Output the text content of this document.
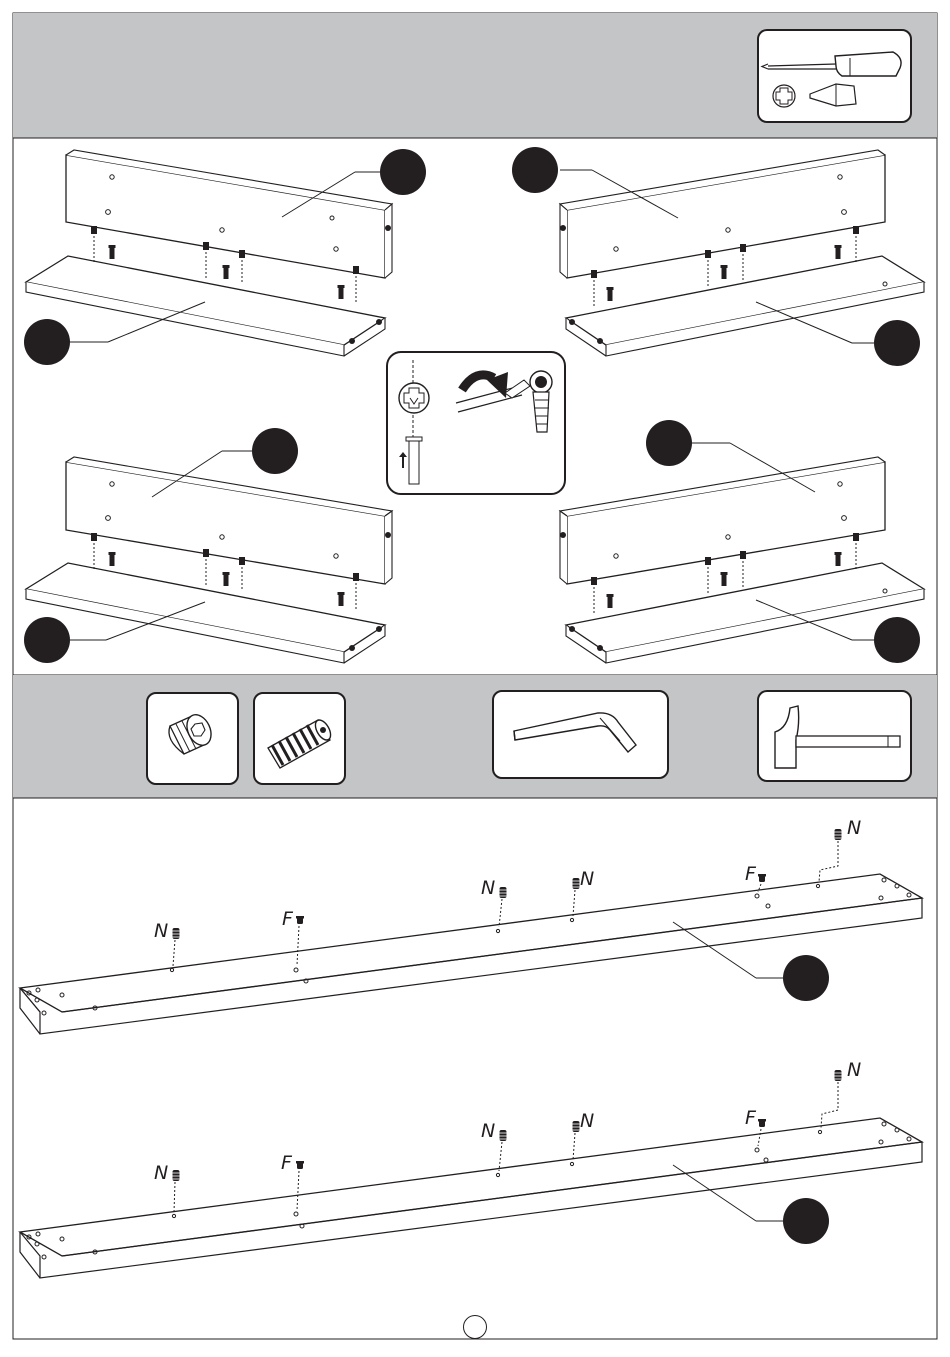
N
F
N	N	F
N
N	F
N	N	F
N
